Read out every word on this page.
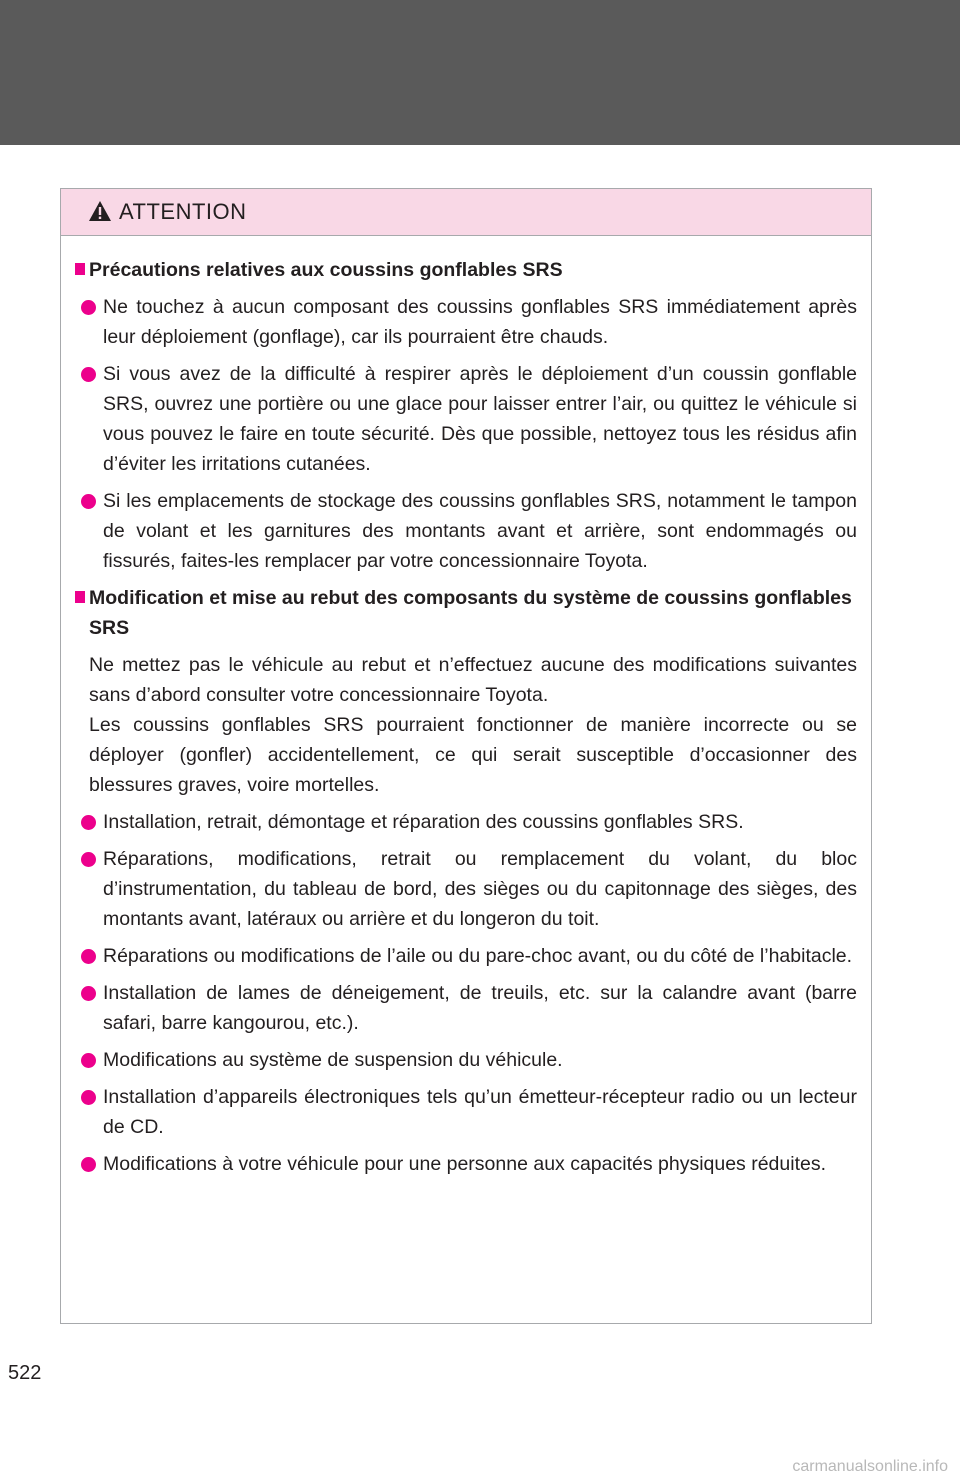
ATTENTION

Précautions relatives aux coussins gonflables SRS

Ne touchez à aucun composant des coussins gonflables SRS immédiatement après leur déploiement (gonflage), car ils pourraient être chauds.

Si vous avez de la difficulté à respirer après le déploiement d’un coussin gonflable SRS, ouvrez une portière ou une glace pour laisser entrer l’air, ou quittez le véhicule si vous pouvez le faire en toute sécurité. Dès que possible, nettoyez tous les résidus afin d’éviter les irritations cutanées.

Si les emplacements de stockage des coussins gonflables SRS, notamment le tampon de volant et les garnitures des montants avant et arrière, sont endommagés ou fissurés, faites-les remplacer par votre concessionnaire Toyota.

Modification et mise au rebut des composants du système de coussins gonflables SRS

Ne mettez pas le véhicule au rebut et n’effectuez aucune des modifications suivantes sans d’abord consulter votre concessionnaire Toyota.

Les coussins gonflables SRS pourraient fonctionner de manière incorrecte ou se déployer (gonfler) accidentellement, ce qui serait susceptible d’occasionner des blessures graves, voire mortelles.

Installation, retrait, démontage et réparation des coussins gonflables SRS.

Réparations, modifications, retrait ou remplacement du volant, du bloc d’instrumentation, du tableau de bord, des sièges ou du capitonnage des sièges, des montants avant, latéraux ou arrière et du longeron du toit.

Réparations ou modifications de l’aile ou du pare-choc avant, ou du côté de l’habitacle.

Installation de lames de déneigement, de treuils, etc. sur la calandre avant (barre safari, barre kangourou, etc.).

Modifications au système de suspension du véhicule.

Installation d’appareils électroniques tels qu’un émetteur-récepteur radio ou un lecteur de CD.

Modifications à votre véhicule pour une personne aux capacités physiques réduites.

522
carmanualsonline.info
